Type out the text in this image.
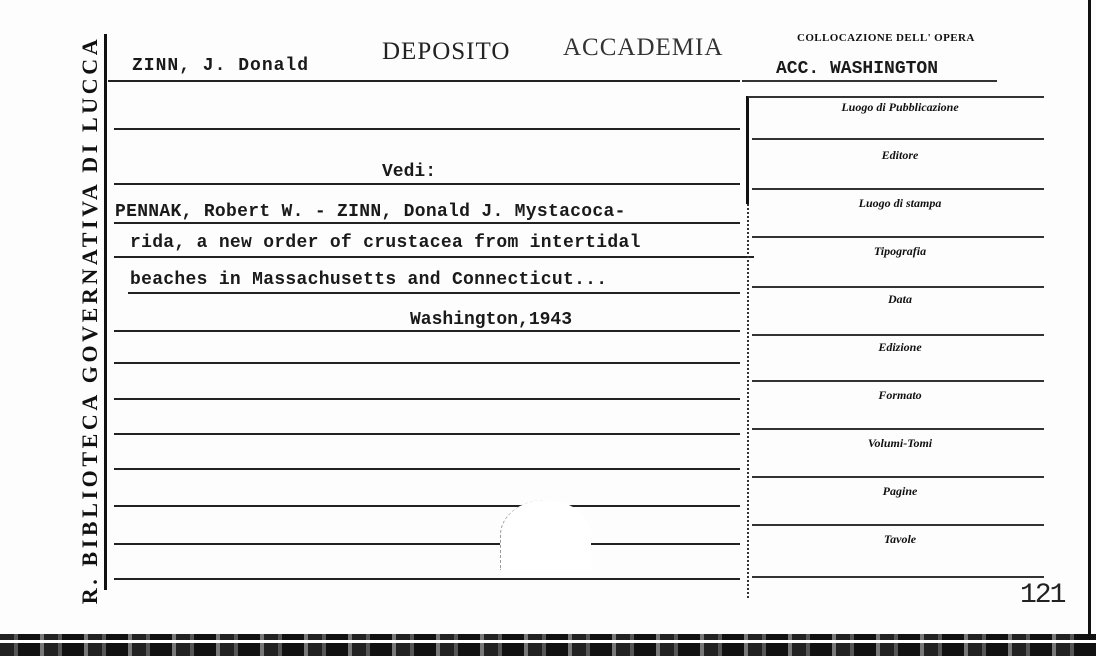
R. BIBLIOTECA GOVERNATIVA DI LUCCA	DEPOSITO ACCADEMIA
ZINN, J. Donald
Vedi:
PENNAK, Robert W. - ZINN, Donald J. Mystacoca-
rida, a new order of crustacea from intertidal
beaches in Massachusetts and Connecticut...
Washington,1943
COLLOCAZIONE DELL' OPERA
ACC. WASHINGTON
Luogo di Pubblicazione
Editore
Luogo di stampa
Tipografia
Data
Edizione
Formato
Volumi-Tomi
Pagine
Tavole
121
